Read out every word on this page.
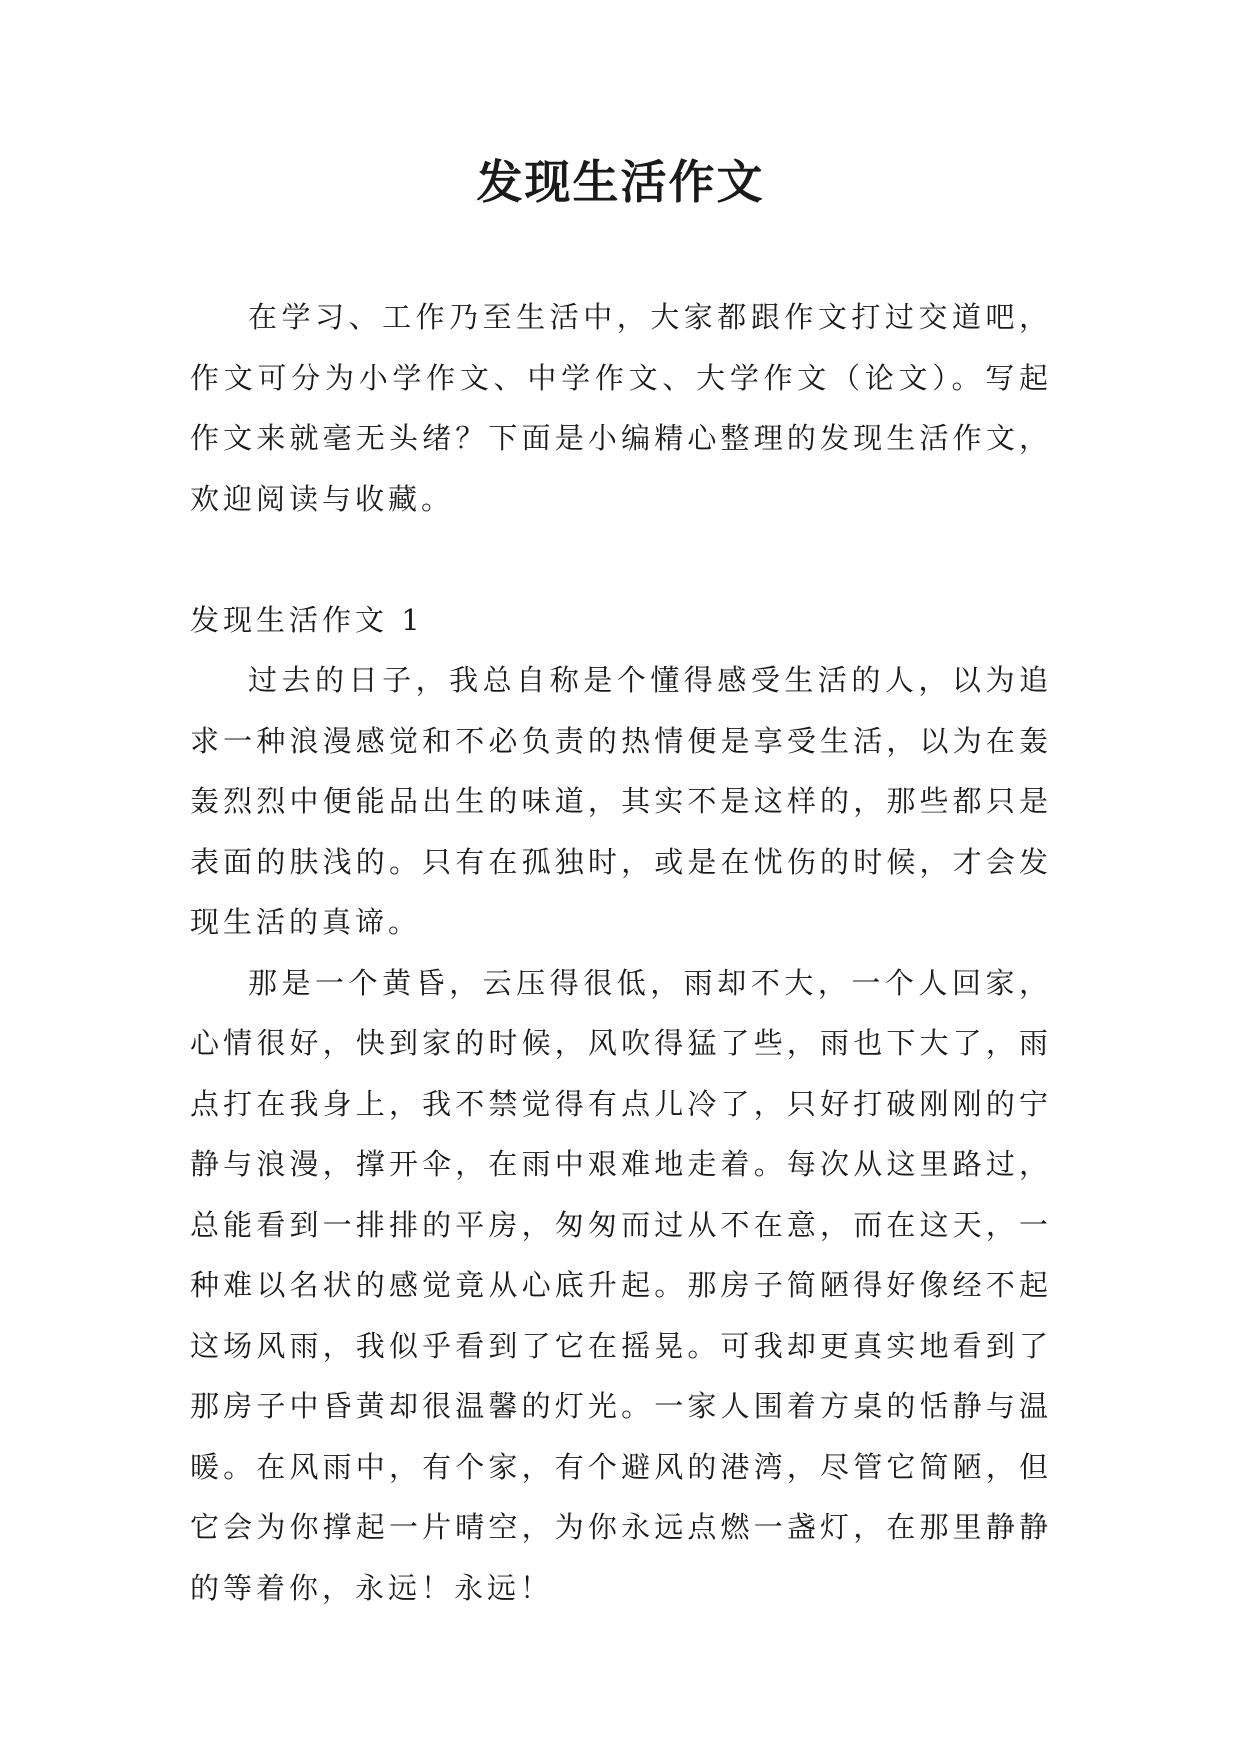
发现生活作文

在学习、工作乃至生活中，大家都跟作文打过交道吧，作文可分为小学作文、中学作文、大学作文（论文）。写起作文来就毫无头绪？下面是小编精心整理的发现生活作文，欢迎阅读与收藏。

发现生活作文 1

过去的日子，我总自称是个懂得感受生活的人，以为追求一种浪漫感觉和不必负责的热情便是享受生活，以为在轰轰烈烈中便能品出生的味道，其实不是这样的，那些都只是表面的肤浅的。只有在孤独时，或是在忧伤的时候，才会发现生活的真谛。

那是一个黄昏，云压得很低，雨却不大，一个人回家，心情很好，快到家的时候，风吹得猛了些，雨也下大了，雨点打在我身上，我不禁觉得有点儿冷了，只好打破刚刚的宁静与浪漫，撑开伞，在雨中艰难地走着。每次从这里路过，总能看到一排排的平房，匆匆而过从不在意，而在这天，一种难以名状的感觉竟从心底升起。那房子简陋得好像经不起这场风雨，我似乎看到了它在摇晃。可我却更真实地看到了那房子中昏黄却很温馨的灯光。一家人围着方桌的恬静与温暖。在风雨中，有个家，有个避风的港湾，尽管它简陋，但它会为你撑起一片晴空，为你永远点燃一盏灯，在那里静静的等着你，永远！永远！
